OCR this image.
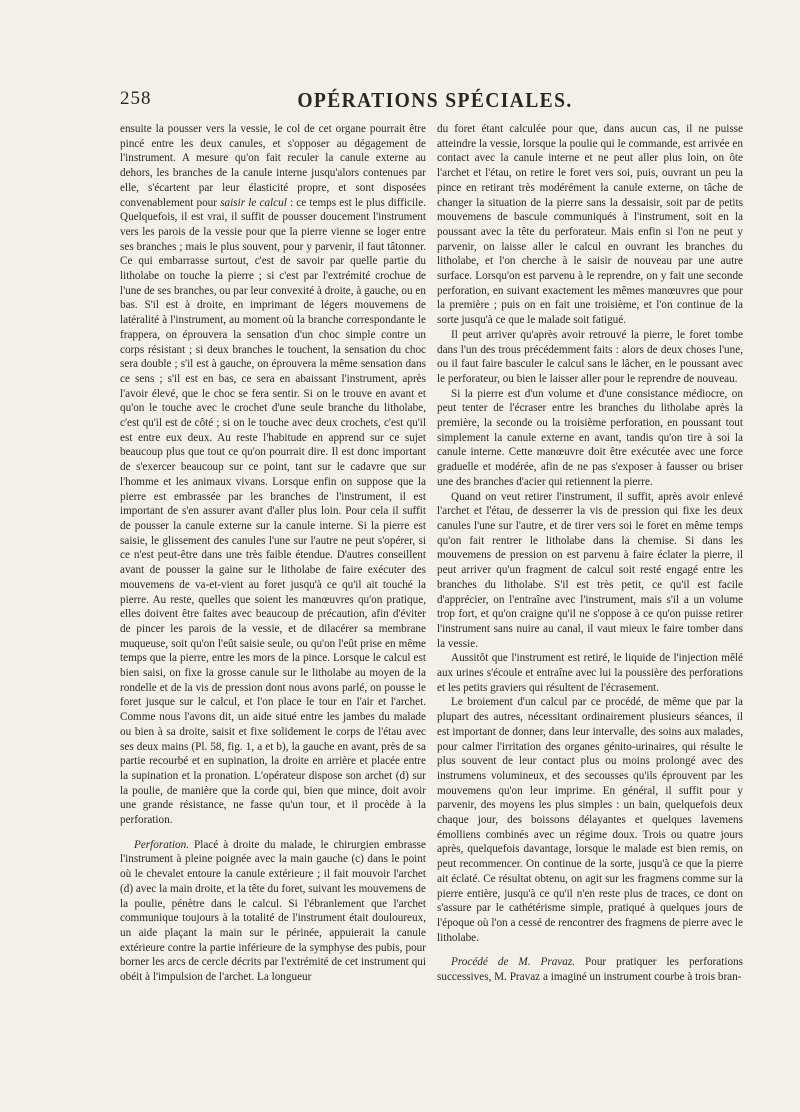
258	OPÉRATIONS SPÉCIALES.

ensuite la pousser vers la vessie, le col de cet organe pourrait être pincé entre les deux canules, et s'opposer au dégagement de l'instrument. A mesure qu'on fait reculer la canule externe au dehors, les branches de la canule interne jusqu'alors contenues par elle, s'écartent par leur élasticité propre, et sont disposées convenablement pour saisir le calcul : ce temps est le plus difficile. Quelquefois, il est vrai, il suffit de pousser doucement l'instrument vers les parois de la vessie pour que la pierre vienne se loger entre ses branches ; mais le plus souvent, pour y parvenir, il faut tâtonner. Ce qui embarrasse surtout, c'est de savoir par quelle partie du litholabe on touche la pierre ; si c'est par l'extrémité crochue de l'une de ses branches, ou par leur convexité à droite, à gauche, ou en bas. S'il est à droite, en imprimant de légers mouvemens de latéralité à l'instrument, au moment où la branche correspondante le frappera, on éprouvera la sensation d'un choc simple contre un corps résistant ; si deux branches le touchent, la sensation du choc sera double ; s'il est à gauche, on éprouvera la même sensation dans ce sens ; s'il est en bas, ce sera en abaissant l'instrument, après l'avoir élevé, que le choc se fera sentir. Si on le trouve en avant et qu'on le touche avec le crochet d'une seule branche du litholabe, c'est qu'il est de côté ; si on le touche avec deux crochets, c'est qu'il est entre eux deux. Au reste l'habitude en apprend sur ce sujet beaucoup plus que tout ce qu'on pourrait dire. Il est donc important de s'exercer beaucoup sur ce point, tant sur le cadavre que sur l'homme et les animaux vivans. Lorsque enfin on suppose que la pierre est embrassée par les branches de l'instrument, il est important de s'en assurer avant d'aller plus loin. Pour cela il suffit de pousser la canule externe sur la canule interne. Si la pierre est saisie, le glissement des canules l'une sur l'autre ne peut s'opérer, si ce n'est peut-être dans une très faible étendue. D'autres conseillent avant de pousser la gaine sur le litholabe de faire exécuter des mouvemens de va-et-vient au foret jusqu'à ce qu'il ait touché la pierre. Au reste, quelles que soient les manœuvres qu'on pratique, elles doivent être faites avec beaucoup de précaution, afin d'éviter de pincer les parois de la vessie, et de dilacérer sa membrane muqueuse, soit qu'on l'eût saisie seule, ou qu'on l'eût prise en même temps que la pierre, entre les mors de la pince. Lorsque le calcul est bien saisi, on fixe la grosse canule sur le litholabe au moyen de la rondelle et de la vis de pression dont nous avons parlé, on pousse le foret jusque sur le calcul, et l'on place le tour en l'air et l'archet. Comme nous l'avons dit, un aide situé entre les jambes du malade ou bien à sa droite, saisit et fixe solidement le corps de l'étau avec ses deux mains (Pl. 58, fig. 1, a et b), la gauche en avant, près de sa partie recourbé et en supination, la droite en arrière et placée entre la supination et la pronation. L'opérateur dispose son archet (d) sur la poulie, de manière que la corde qui, bien que mince, doit avoir une grande résistance, ne fasse qu'un tour, et il procède à la perforation.

Perforation. Placé à droite du malade, le chirurgien embrasse l'instrument à pleine poignée avec la main gauche (c) dans le point où le chevalet entoure la canule extérieure ; il fait mouvoir l'archet (d) avec la main droite, et la tête du foret, suivant les mouvemens de la poulie, pénètre dans le calcul. Si l'ébranlement que l'archet communique toujours à la totalité de l'instrument était douloureux, un aide plaçant la main sur le périnée, appuierait la canule extérieure contre la partie inférieure de la symphyse des pubis, pour borner les arcs de cercle décrits par l'extrémité de cet instrument qui obéit à l'impulsion de l'archet. La longueur

du foret étant calculée pour que, dans aucun cas, il ne puisse atteindre la vessie, lorsque la poulie qui le commande, est arrivée en contact avec la canule interne et ne peut aller plus loin, on ôte l'archet et l'étau, on retire le foret vers soi, puis, ouvrant un peu la pince en retirant très modérément la canule externe, on tâche de changer la situation de la pierre sans la dessaisir, soit par de petits mouvemens de bascule communiqués à l'instrument, soit en la poussant avec la tête du perforateur. Mais enfin si l'on ne peut y parvenir, on laisse aller le calcul en ouvrant les branches du litholabe, et l'on cherche à le saisir de nouveau par une autre surface. Lorsqu'on est parvenu à le reprendre, on y fait une seconde perforation, en suivant exactement les mêmes manœuvres que pour la première ; puis on en fait une troisième, et l'on continue de la sorte jusqu'à ce que le malade soit fatigué.

Il peut arriver qu'après avoir retrouvé la pierre, le foret tombe dans l'un des trous précédemment faits : alors de deux choses l'une, ou il faut faire basculer le calcul sans le lâcher, en le poussant avec le perforateur, ou bien le laisser aller pour le reprendre de nouveau.

Si la pierre est d'un volume et d'une consistance médiocre, on peut tenter de l'écraser entre les branches du litholabe après la première, la seconde ou la troisième perforation, en poussant tout simplement la canule externe en avant, tandis qu'on tire à soi la canule interne. Cette manœuvre doit être exécutée avec une force graduelle et modérée, afin de ne pas s'exposer à fausser ou briser une des branches d'acier qui retiennent la pierre.

Quand on veut retirer l'instrument, il suffit, après avoir enlevé l'archet et l'étau, de desserrer la vis de pression qui fixe les deux canules l'une sur l'autre, et de tirer vers soi le foret en même temps qu'on fait rentrer le litholabe dans la chemise. Si dans les mouvemens de pression on est parvenu à faire éclater la pierre, il peut arriver qu'un fragment de calcul soit resté engagé entre les branches du litholabe. S'il est très petit, ce qu'il est facile d'apprécier, on l'entraîne avec l'instrument, mais s'il a un volume trop fort, et qu'on craigne qu'il ne s'oppose à ce qu'on puisse retirer l'instrument sans nuire au canal, il vaut mieux le faire tomber dans la vessie.

Aussitôt que l'instrument est retiré, le liquide de l'injection mêlé aux urines s'écoule et entraîne avec lui la poussière des perforations et les petits graviers qui résultent de l'écrasement.

Le broiement d'un calcul par ce procédé, de même que par la plupart des autres, nécessitant ordinairement plusieurs séances, il est important de donner, dans leur intervalle, des soins aux malades, pour calmer l'irritation des organes génito-urinaires, qui résulte le plus souvent de leur contact plus ou moins prolongé avec des instrumens volumineux, et des secousses qu'ils éprouvent par les mouvemens qu'on leur imprime. En général, il suffit pour y parvenir, des moyens les plus simples : un bain, quelquefois deux chaque jour, des boissons délayantes et quelques lavemens émolliens combinés avec un régime doux. Trois ou quatre jours après, quelquefois davantage, lorsque le malade est bien remis, on peut recommencer. On continue de la sorte, jusqu'à ce que la pierre ait éclaté. Ce résultat obtenu, on agit sur les fragmens comme sur la pierre entière, jusqu'à ce qu'il n'en reste plus de traces, ce dont on s'assure par le cathétérisme simple, pratiqué à quelques jours de l'époque où l'on a cessé de rencontrer des fragmens de pierre avec le litholabe.

Procédé de M. Pravaz. Pour pratiquer les perforations successives, M. Pravaz a imaginé un instrument courbe à trois bran-
